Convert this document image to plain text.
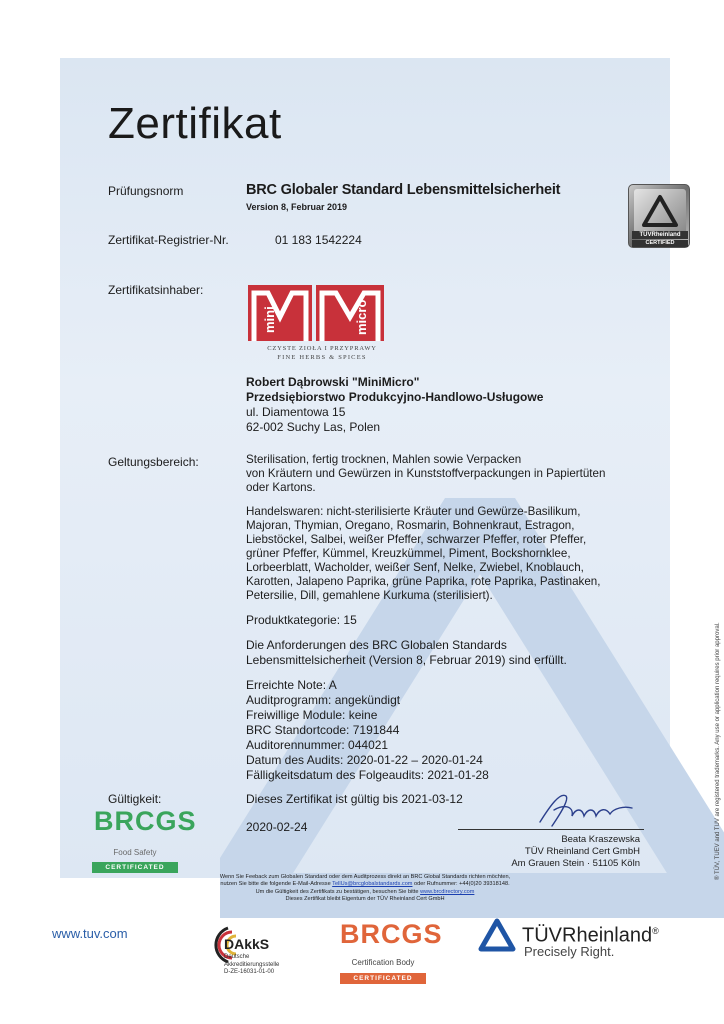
Zertifikat
TÜVRheinland
CERTIFIED
Prüfungsnorm	BRC Globaler Standard Lebensmittelsicherheit
Version 8, Februar 2019
Zertifikat-Registrier-Nr.	01 183 1542224
Zertifikatsinhaber:
mini	micro
CZYSTE ZIOŁA I PRZYPRAWY
FINE HERBS & SPICES
Robert Dąbrowski "MiniMicro"
Przedsiębiorstwo Produkcyjno-Handlowo-Usługowe
ul. Diamentowa 15
62-002 Suchy Las, Polen
Geltungsbereich:	Sterilisation, fertig trocknen, Mahlen sowie Verpacken

von Kräutern und Gewürzen in Kunststoffverpackungen in Papiertüten

oder Kartons.

Handelswaren: nicht-sterilisierte Kräuter und Gewürze-Basilikum,

Majoran, Thymian, Oregano, Rosmarin, Bohnenkraut, Estragon,

Liebstöckel, Salbei, weißer Pfeffer, schwarzer Pfeffer, roter Pfeffer,

grüner Pfeffer, Kümmel, Kreuzkümmel, Piment, Bockshornklee,

Lorbeerblatt, Wacholder, weißer Senf, Nelke, Zwiebel, Knoblauch,

Karotten, Jalapeno Paprika, grüne Paprika, rote Paprika, Pastinaken,

Petersilie, Dill, gemahlene Kurkuma (sterilisiert).

Produktkategorie: 15

Die Anforderungen des BRC Globalen Standards

Lebensmittelsicherheit (Version 8, Februar 2019) sind erfüllt.

Erreichte Note: A

Auditprogramm: angekündigt

Freiwillige Module: keine

BRC Standortcode: 7191844

Auditorennummer: 044021

Datum des Audits: 2020-01-22 – 2020-01-24

Fälligkeitsdatum des Folgeaudits: 2021-01-28

Gültigkeit:	Dieses Zertifikat ist gültig bis 2021-03-12
2020-02-24
BRCGS
Food Safety
CERTIFICATED
Beata Kraszewska
TÜV Rheinland Cert GmbH
Am Grauen Stein · 51105 Köln
Wenn Sie Feeback zum Globalen Standard oder dem Auditprozess direkt an BRC Global Standards richten möchten,
nutzen Sie bitte die folgende E-Mail-Adresse TellUs@brcglobalstandards.com oder Rufnummer: +44(0)20 39318148.
Um die Gültigkeit des Zertifikats zu bestätigen, besuchen Sie bitte www.brcdirectory.com
Dieses Zertifikat bleibt Eigentum der TÜV Rheinland Cert GmbH
® TÜV, TUEV and TUV are registered trademarks. Any use or application requires prior approval.
www.tuv.com
DAkkS
Deutsche
Akkreditierungsstelle
D-ZE-16031-01-00
BRCGS
Certification Body
CERTIFICATED
TÜVRheinland®
Precisely Right.
